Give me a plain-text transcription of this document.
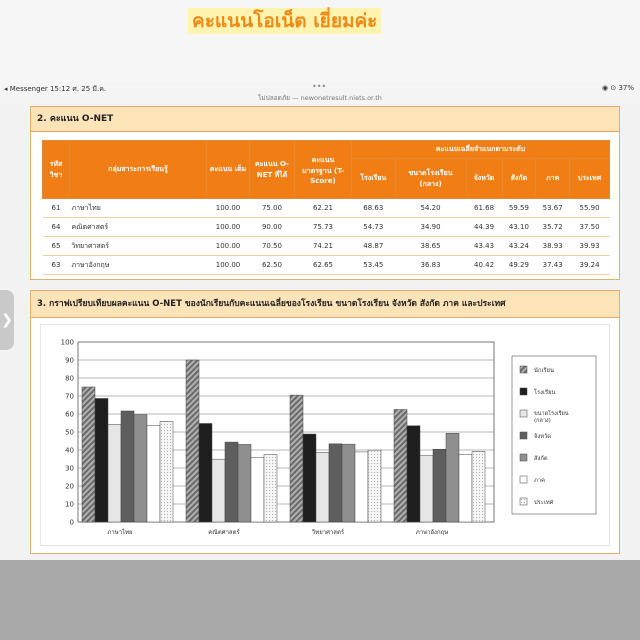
คะแนนโอเน็ต เยี่ยมค่ะ
◂ Messenger 15:12 ศ. 25 มี.ค.	•••
ไม่ปลอดภัย — newonetresult.niets.or.th
◉ ⊙ 37%
❯
2. คะแนน O-NET
รหัส วิชา	กลุ่มสาระการเรียนรู้	คะแนน เต็ม	คะแนน O-NET ที่ได้	คะแนน มาตรฐาน (T-Score)	คะแนนเฉลี่ยจำแนกตามระดับ					
					โรงเรียน	ขนาดโรงเรียน (กลาง)	จังหวัด	สังกัด	ภาค	ประเทศ
61	ภาษาไทย	100.00	75.00	62.21	68.63	54.20	61.68	59.59	53.67	55.90
64	คณิตศาสตร์	100.00	90.00	75.73	54.73	34.90	44.39	43.10	35.72	37.50
65	วิทยาศาสตร์	100.00	70.50	74.21	48.87	38.65	43.43	43.24	38.93	39.93
63	ภาษาอังกฤษ	100.00	62.50	62.65	53.45	36.83	40.42	49.29	37.43	39.24
3. กราฟเปรียบเทียบผลคะแนน O-NET ของนักเรียนกับคะแนนเฉลี่ยของโรงเรียน ขนาดโรงเรียน จังหวัด สังกัด ภาค และประเทศ
0
10
20
30
40
50
60
70
80
90
100
ภาษาไทย	คณิตศาสตร์	วิทยาศาสตร์	ภาษาอังกฤษ
นักเรียน
โรงเรียน
ขนาดโรงเรียน
(กลาง)
จังหวัด
สังกัด
ภาค
ประเทศ
